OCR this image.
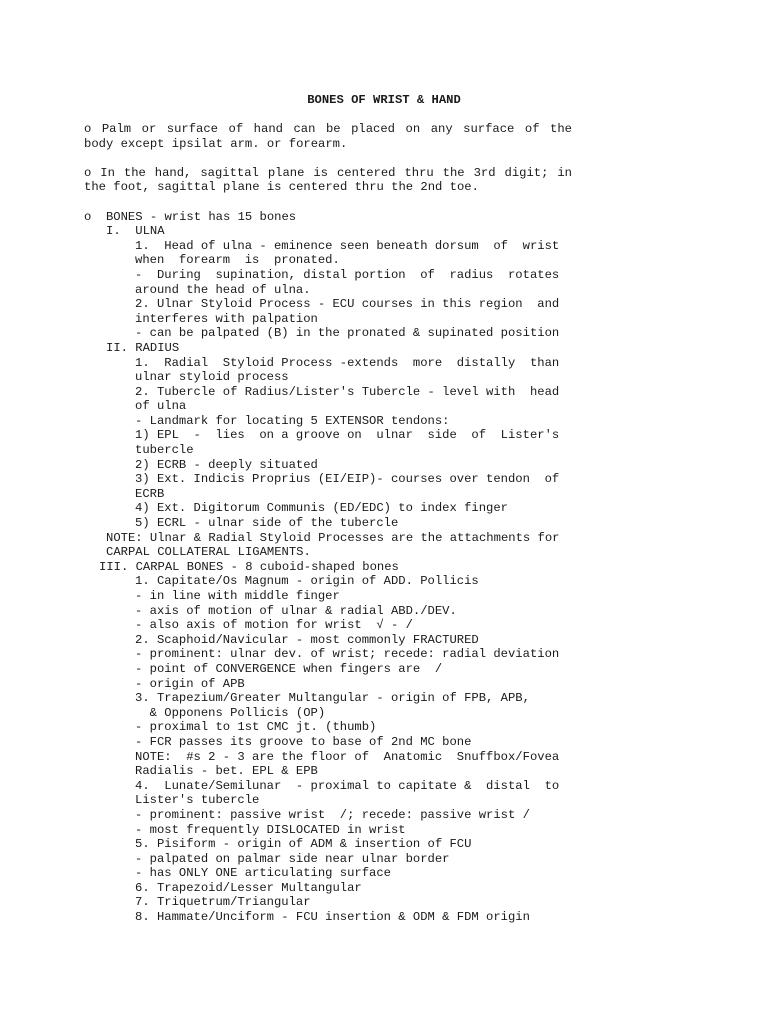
BONES OF WRIST & HAND
o Palm or surface of hand can be placed on any surface of the
body except ipsilat arm. or forearm.
o In the hand, sagittal plane is centered thru the 3rd digit; in
the foot, sagittal plane is centered thru the 2nd toe.
o  BONES - wrist has 15 bones
I.  ULNA
1.  Head of ulna - eminence seen beneath dorsum  of  wrist
when  forearm  is  pronated.
-  During  supination, distal portion  of  radius  rotates
around the head of ulna.
2. Ulnar Styloid Process - ECU courses in this region  and
interferes with palpation
- can be palpated (B) in the pronated & supinated position
II. RADIUS
1.  Radial  Styloid Process -extends  more  distally  than
ulnar styloid process
2. Tubercle of Radius/Lister's Tubercle - level with  head
of ulna
- Landmark for locating 5 EXTENSOR tendons:
1) EPL  -  lies  on a groove on  ulnar  side  of  Lister's
tubercle
2) ECRB - deeply situated
3) Ext. Indicis Proprius (EI/EIP)- courses over tendon  of
ECRB
4) Ext. Digitorum Communis (ED/EDC) to index finger
5) ECRL - ulnar side of the tubercle
NOTE: Ulnar & Radial Styloid Processes are the attachments for
CARPAL COLLATERAL LIGAMENTS.
III. CARPAL BONES - 8 cuboid-shaped bones
1. Capitate/Os Magnum - origin of ADD. Pollicis
- in line with middle finger
- axis of motion of ulnar & radial ABD./DEV.
- also axis of motion for wrist  √ - /
2. Scaphoid/Navicular - most commonly FRACTURED
- prominent: ulnar dev. of wrist; recede: radial deviation
- point of CONVERGENCE when fingers are  /
- origin of APB
3. Trapezium/Greater Multangular - origin of FPB, APB,
& Opponens Pollicis (OP)
- proximal to 1st CMC jt. (thumb)
- FCR passes its groove to base of 2nd MC bone
NOTE:  #s 2 - 3 are the floor of  Anatomic  Snuffbox/Fovea
Radialis - bet. EPL & EPB
4.  Lunate/Semilunar  - proximal to capitate &  distal  to
Lister's tubercle
- prominent: passive wrist  /; recede: passive wrist /
- most frequently DISLOCATED in wrist
5. Pisiform - origin of ADM & insertion of FCU
- palpated on palmar side near ulnar border
- has ONLY ONE articulating surface
6. Trapezoid/Lesser Multangular
7. Triquetrum/Triangular
8. Hammate/Unciform - FCU insertion & ODM & FDM origin
